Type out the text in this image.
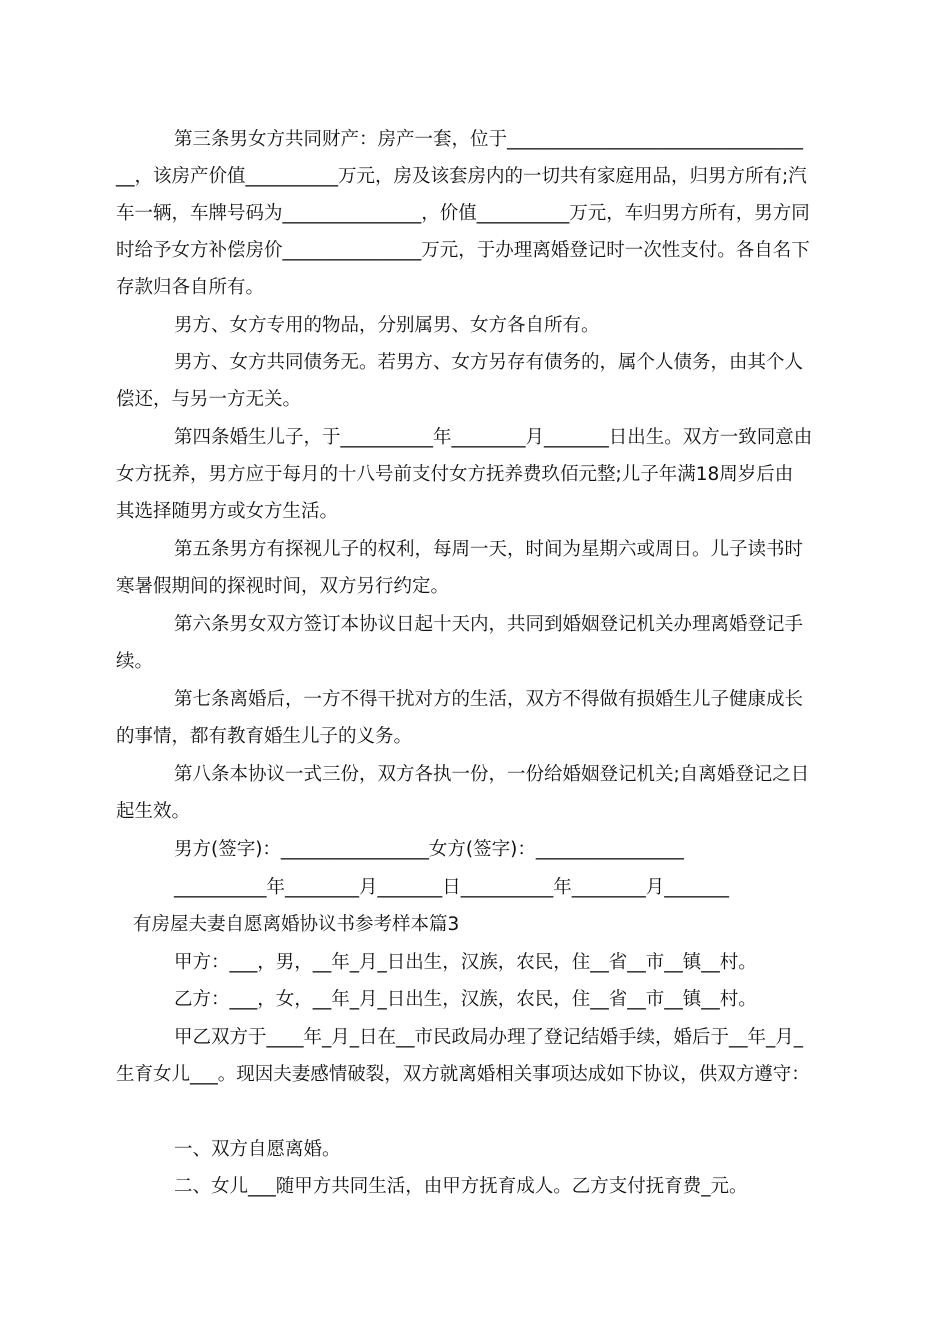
第三条男女方共同财产：房产一套，位于________________________________
__，该房产价值__________万元，房及该套房内的一切共有家庭用品，归男方所有;汽
车一辆，车牌号码为_______________，价值__________万元，车归男方所有，男方同
时给予女方补偿房价_______________万元，于办理离婚登记时一次性支付。各自名下
存款归各自所有。
男方、女方专用的物品，分别属男、女方各自所有。
男方、女方共同债务无。若男方、女方另存有债务的，属个人债务，由其个人
偿还，与另一方无关。
第四条婚生儿子，于__________年________月_______日出生。双方一致同意由
女方抚养，男方应于每月的十八号前支付女方抚养费玖佰元整;儿子年满18周岁后由
其选择随男方或女方生活。
第五条男方有探视儿子的权利，每周一天，时间为星期六或周日。儿子读书时
寒暑假期间的探视时间，双方另行约定。
第六条男女双方签订本协议日起十天内，共同到婚姻登记机关办理离婚登记手
续。
第七条离婚后，一方不得干扰对方的生活，双方不得做有损婚生儿子健康成长
的事情，都有教育婚生儿子的义务。
第八条本协议一式三份，双方各执一份，一份给婚姻登记机关;自离婚登记之日
起生效。
男方(签字)：________________女方(签字)：________________
__________年________月_______日__________年________月_______
有房屋夫妻自愿离婚协议书参考样本篇3
甲方：___，男，__年_月_日出生，汉族，农民，住__省__市__镇__村。
乙方：___，女，__年_月_日出生，汉族，农民，住__省__市__镇__村。
甲乙双方于____年_月_日在__市民政局办理了登记结婚手续，婚后于__年_月_
生育女儿___。现因夫妻感情破裂，双方就离婚相关事项达成如下协议，供双方遵守：
一、双方自愿离婚。
二、女儿___随甲方共同生活，由甲方抚育成人。乙方支付抚育费_元。
